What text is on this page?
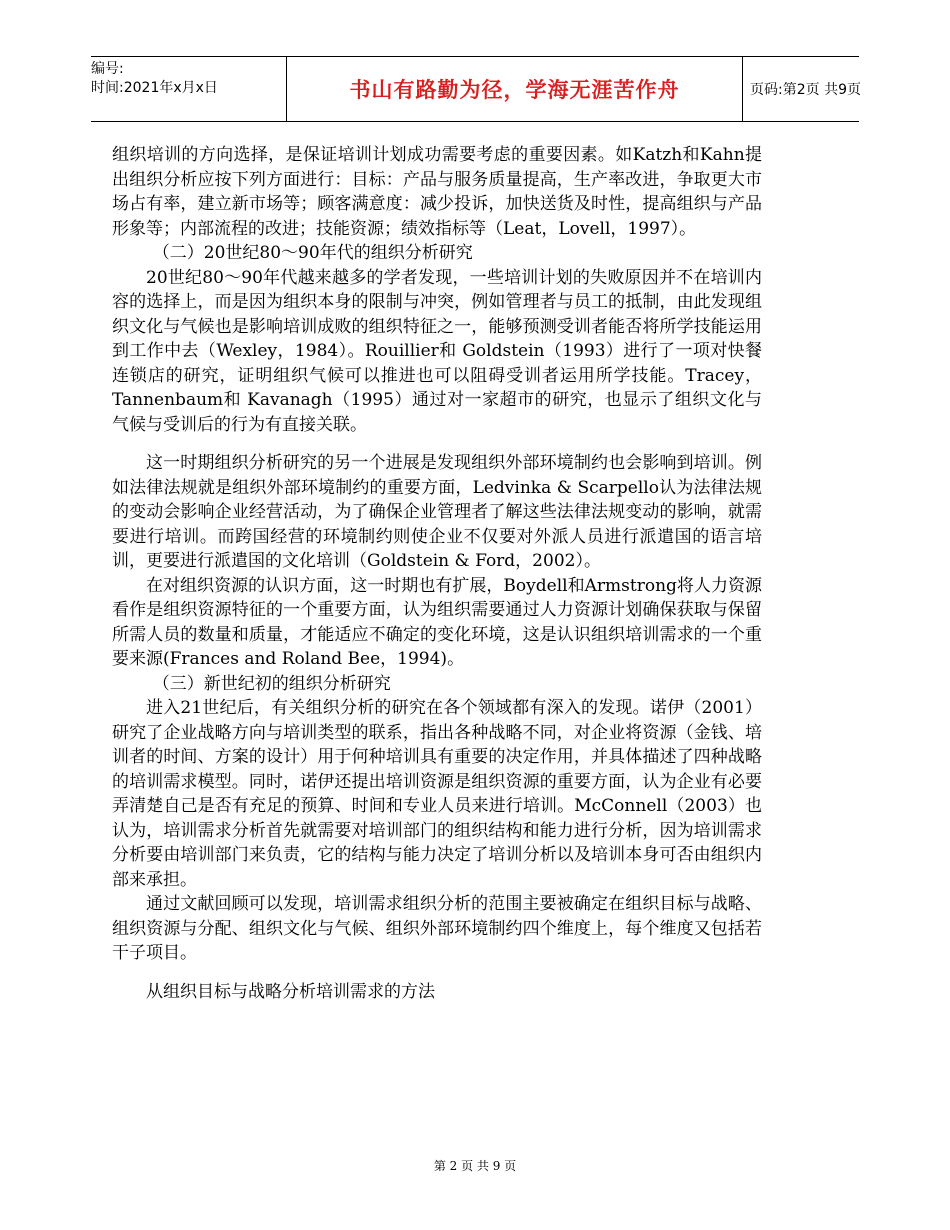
编号:
时间:2021年x月x日	书山有路勤为径，学海无涯苦作舟	页码:第2页 共9页

组织培训的方向选择，是保证培训计划成功需要考虑的重要因素。如Katzh和Kahn提出组织分析应按下列方面进行：目标：产品与服务质量提高，生产率改进，争取更大市场占有率，建立新市场等；顾客满意度：减少投诉，加快送货及时性，提高组织与产品形象等；内部流程的改进；技能资源；绩效指标等（Leat，Lovell，1997）。

（二）20世纪80～90年代的组织分析研究

20世纪80～90年代越来越多的学者发现，一些培训计划的失败原因并不在培训内容的选择上，而是因为组织本身的限制与冲突，例如管理者与员工的抵制，由此发现组织文化与气候也是影响培训成败的组织特征之一，能够预测受训者能否将所学技能运用到工作中去（Wexley，1984）。Rouillier和 Goldstein（1993）进行了一项对快餐连锁店的研究，证明组织气候可以推进也可以阻碍受训者运用所学技能。Tracey，Tannenbaum和 Kavanagh（1995）通过对一家超市的研究，也显示了组织文化与气候与受训后的行为有直接关联。

这一时期组织分析研究的另一个进展是发现组织外部环境制约也会影响到培训。例如法律法规就是组织外部环境制约的重要方面，Ledvinka & Scarpello认为法律法规的变动会影响企业经营活动，为了确保企业管理者了解这些法律法规变动的影响，就需要进行培训。而跨国经营的环境制约则使企业不仅要对外派人员进行派遣国的语言培训，更要进行派遣国的文化培训（Goldstein & Ford，2002）。

在对组织资源的认识方面，这一时期也有扩展，Boydell和Armstrong将人力资源看作是组织资源特征的一个重要方面，认为组织需要通过人力资源计划确保获取与保留所需人员的数量和质量，才能适应不确定的变化环境，这是认识组织培训需求的一个重要来源(Frances and Roland Bee，1994)。

（三）新世纪初的组织分析研究

进入21世纪后，有关组织分析的研究在各个领域都有深入的发现。诺伊（2001）研究了企业战略方向与培训类型的联系，指出各种战略不同，对企业将资源（金钱、培训者的时间、方案的设计）用于何种培训具有重要的决定作用，并具体描述了四种战略的培训需求模型。同时，诺伊还提出培训资源是组织资源的重要方面，认为企业有必要弄清楚自己是否有充足的预算、时间和专业人员来进行培训。McConnell（2003）也认为，培训需求分析首先就需要对培训部门的组织结构和能力进行分析，因为培训需求分析要由培训部门来负责，它的结构与能力决定了培训分析以及培训本身可否由组织内部来承担。

通过文献回顾可以发现，培训需求组织分析的范围主要被确定在组织目标与战略、组织资源与分配、组织文化与气候、组织外部环境制约四个维度上，每个维度又包括若干子项目。

从组织目标与战略分析培训需求的方法

第 2 页 共 9 页
